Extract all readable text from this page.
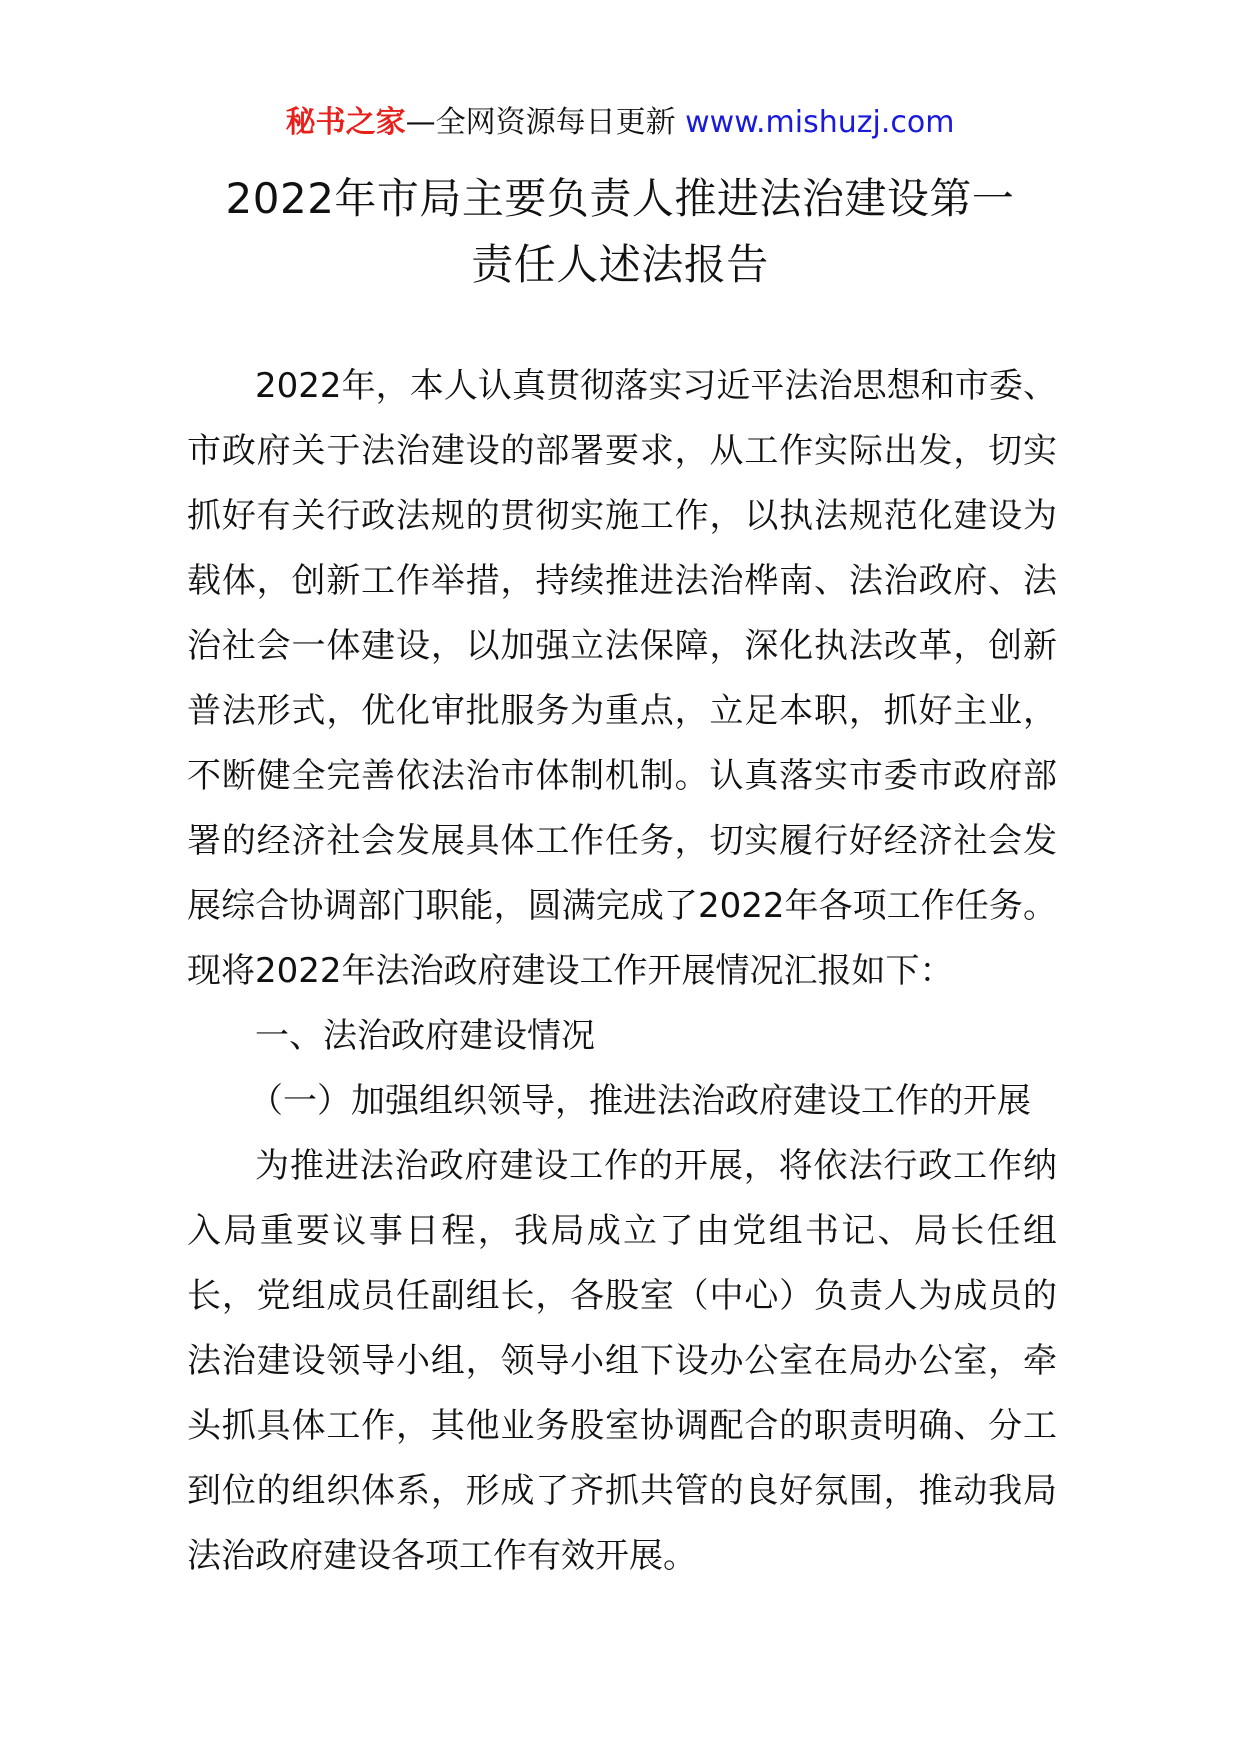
秘书之家—全网资源每日更新 www.mishuzj.com
2022年市局主要负责人推进法治建设第一
责任人述法报告

2022年，本人认真贯彻落实习近平法治思想和市委、市政府关于法治建设的部署要求，从工作实际出发，切实抓好有关行政法规的贯彻实施工作，以执法规范化建设为载体，创新工作举措，持续推进法治桦南、法治政府、法治社会一体建设，以加强立法保障，深化执法改革，创新普法形式，优化审批服务为重点，立足本职，抓好主业，不断健全完善依法治市体制机制。认真落实市委市政府部署的经济社会发展具体工作任务，切实履行好经济社会发展综合协调部门职能，圆满完成了2022年各项工作任务。现将2022年法治政府建设工作开展情况汇报如下：

一、法治政府建设情况

（一）加强组织领导，推进法治政府建设工作的开展

为推进法治政府建设工作的开展，将依法行政工作纳入局重要议事日程，我局成立了由党组书记、局长任组长，党组成员任副组长，各股室（中心）负责人为成员的法治建设领导小组，领导小组下设办公室在局办公室，牵头抓具体工作，其他业务股室协调配合的职责明确、分工到位的组织体系，形成了齐抓共管的良好氛围，推动我局法治政府建设各项工作有效开展。
